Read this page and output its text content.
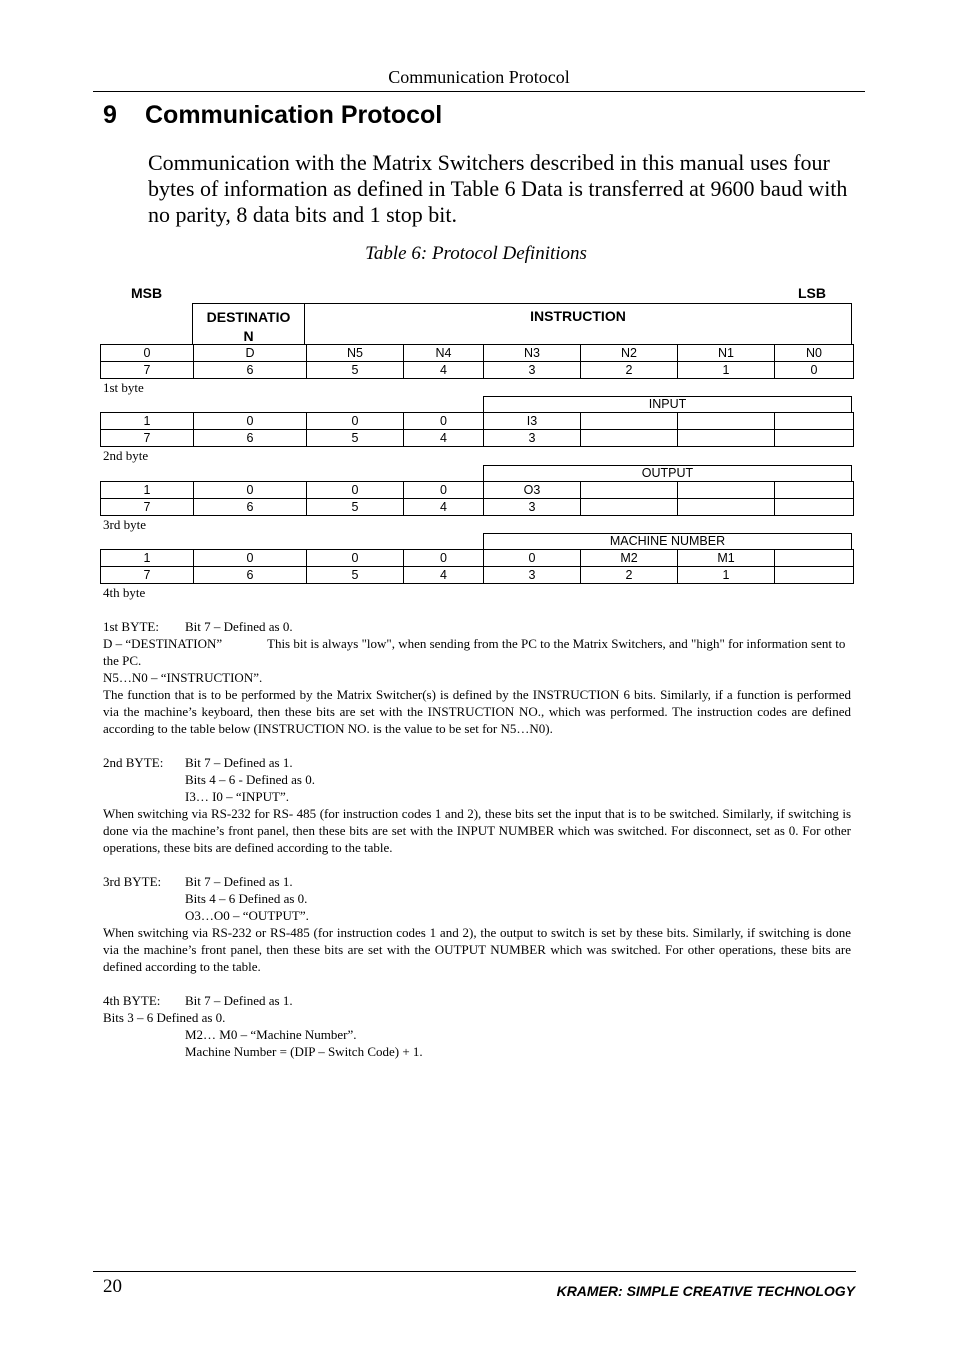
Communication Protocol
9 Communication Protocol
Communication with the Matrix Switchers described in this manual uses four bytes of information as defined in Table 6 Data is transferred at 9600 baud with no parity, 8 data bits and 1 stop bit.
Table 6: Protocol Definitions
MSB	LSB
DESTINATIO
N
INSTRUCTION
0	D	N5	N4	N3	N2	N1	N0
7	6	5	4	3	2	1	0
1st byte
INPUT
1	0	0	0	I3			
7	6	5	4	3			
2nd byte
OUTPUT
1	0	0	0	O3			
7	6	5	4	3			
3rd byte
MACHINE NUMBER
1	0	0	0	0	M2	M1	
7	6	5	4	3	2	1	
4th byte

1st BYTE: Bit 7 – Defined as 0.

D – “DESTINATION”	This bit is always "low", when sending from the PC to the Matrix Switchers, and "high" for information sent to the PC.

N5…N0 – “INSTRUCTION”.

The function that is to be performed by the Matrix Switcher(s) is defined by the INSTRUCTION 6 bits. Similarly, if a function is performed via the machine’s keyboard, then these bits are set with the INSTRUCTION NO., which was performed. The instruction codes are defined according to the table below (INSTRUCTION NO. is the value to be set for N5…N0).

2nd BYTE: Bit 7 – Defined as 1.

Bits 4 – 6 - Defined as 0.

I3… I0 – “INPUT”.

When switching via RS-232 for RS- 485 (for instruction codes 1 and 2), these bits set the input that is to be switched. Similarly, if switching is done via the machine’s front panel, then these bits are set with the INPUT NUMBER which was switched. For disconnect, set as 0. For other operations, these bits are defined according to the table.

3rd BYTE: Bit 7 – Defined as 1.

Bits 4 – 6 Defined as 0.

O3…O0 – “OUTPUT”.

When switching via RS-232 or RS-485 (for instruction codes 1 and 2), the output to switch is set by these bits. Similarly, if switching is done via the machine’s front panel, then these bits are set with the OUTPUT NUMBER which was switched. For other operations, these bits are defined according to the table.

4th BYTE: Bit 7 – Defined as 1.

Bits 3 – 6 Defined as 0.

M2… M0 – “Machine Number”.

Machine Number = (DIP – Switch Code) + 1.

20	KRAMER: SIMPLE CREATIVE TECHNOLOGY
